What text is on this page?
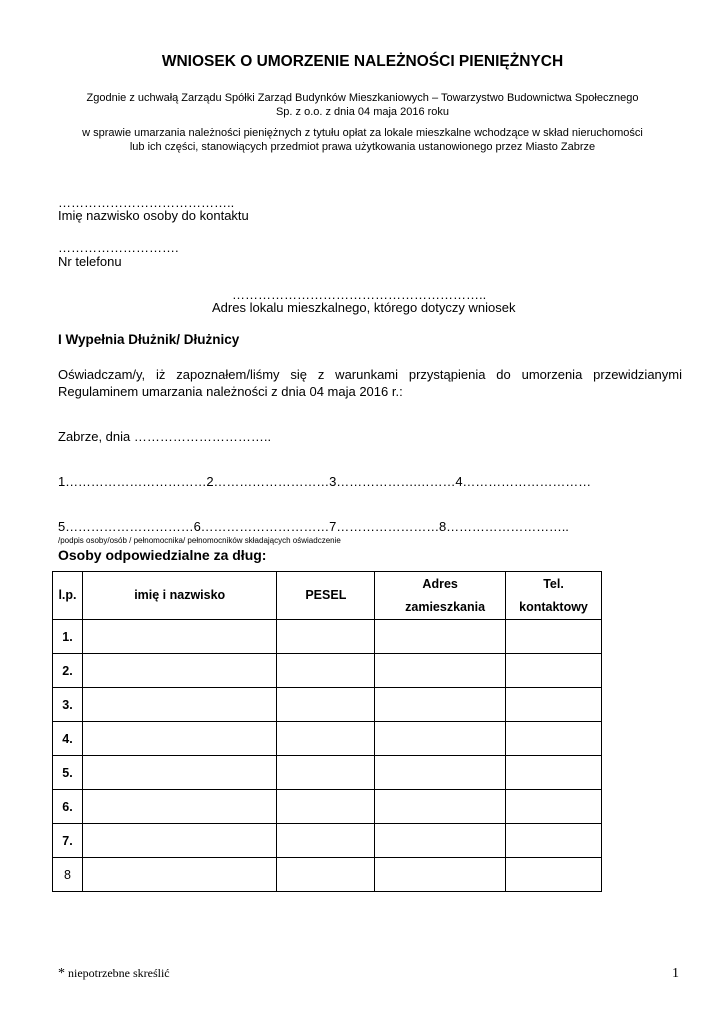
WNIOSEK O UMORZENIE NALEŻNOŚCI PIENIĘŻNYCH
Zgodnie z uchwałą Zarządu Spółki Zarząd Budynków Mieszkaniowych – Towarzystwo Budownictwa Społecznego
Sp. z o.o. z dnia 04 maja 2016 roku
w sprawie umarzania należności pieniężnych z tytułu opłat za lokale mieszkalne wchodzące w skład nieruchomości
lub ich części, stanowiących przedmiot prawa użytkowania ustanowionego przez Miasto Zabrze
…………………………………..
Imię nazwisko osoby do kontaktu
……………………….
Nr telefonu
…………………………………………………..
Adres lokalu mieszkalnego, którego dotyczy wniosek
I Wypełnia Dłużnik/ Dłużnicy
Oświadczam/y, iż zapoznałem/liśmy się z warunkami przystąpienia do umorzenia przewidzianymi
Regulaminem umarzania należności z dnia 04 maja 2016 r.:
Zabrze, dnia …………………………..
1……………………………2………………………3……………….………4…………………………
5…………………………6…………………………7……………………8………………………..
/podpis osoby/osób / pełnomocnika/ pełnomocników składających oświadczenie
Osoby odpowiedzialne za dług:
l.p.	imię i nazwisko	PESEL	Adres zamieszkania	Tel. kontaktowy

1.				
2.				
3.				
4.				
5.				
6.				
7.				
8				
* niepotrzebne skreślić	1
